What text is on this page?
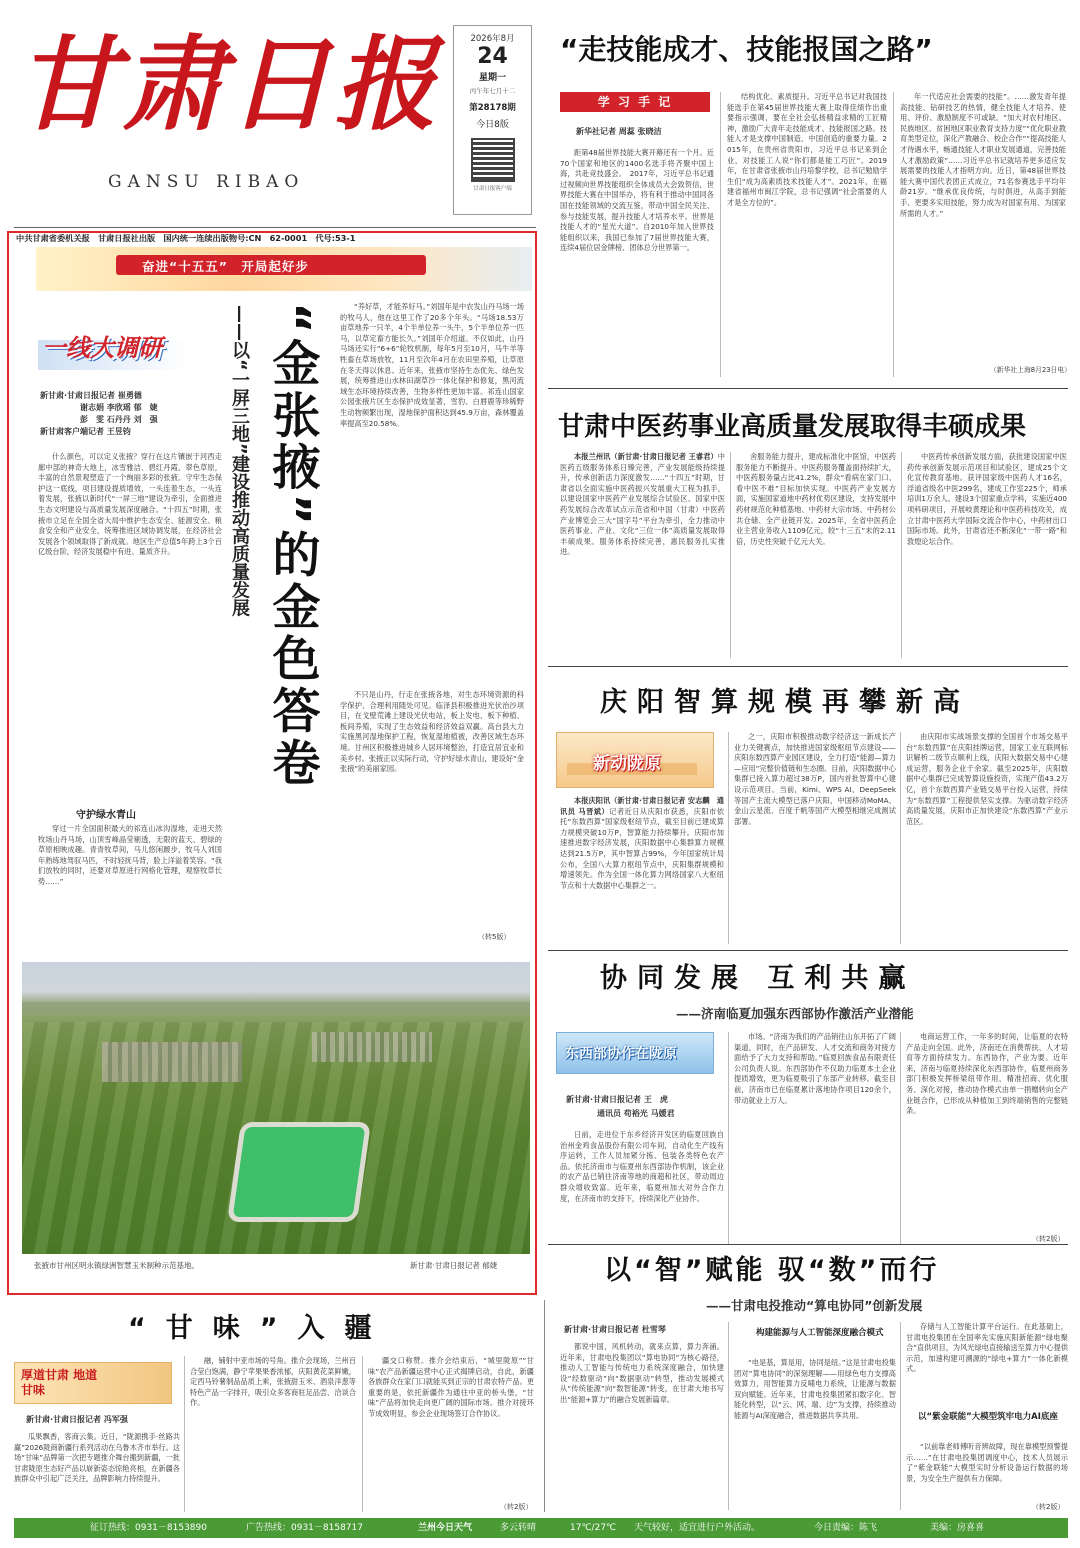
甘肃日报
GANSU RIBAO
2026年8月
24
星期一
丙午年七月十二
第28178期
今日8版
甘肃日报客户端
中共甘肃省委机关报　甘肃日报社出版　国内统一连续出版物号:CN　62-0001　代号:53-1
“走技能成才、技能报国之路”
学 习 手 记
新华社记者 周蕊 张晓洁

距第48届世界技能大赛开幕还有一个月。近70个国家和地区的1400名选手将齐聚中国上海，共赴竞技盛会。　2017年，习近平总书记通过视频向世界技能组织全体成员大会致贺信，世界技能大赛在中国举办，将有利于推动中国同各国在技能领域的交流互鉴，带动中国全民关注、参与技能发展，提升技能人才培养水平。世界是技能人才的“星光大道”。自2010年加入世界技能组织以来，我国已参加了7届世界技能大赛，连续4届位居金牌榜、团体总分世界第一。

结构优化、素质提升。习近平总书记对我国技能选手在第45届世界技能大赛上取得佳绩作出重要指示强调，要在全社会弘扬精益求精的工匠精神，激励广大青年走技能成才、技能报国之路。技能人才是支撑中国制造、中国创造的重要力量。2015年，在贵州省贵阳市，习近平总书记来到企业，对技能工人说“你们都是能工巧匠”。2019年，在甘肃省张掖市山丹培黎学校，总书记勉励学生们“成为高素质技术技能人才”。2021年，在福建省福州市闽江学院，总书记强调“社会需要的人才是全方位的”。

年一代适应社会需要的技能”。……激发青年提高技能、钻研技艺的热情，健全技能人才培养、使用、评价、激励制度不可或缺。“加大对农村地区、民族地区、贫困地区职业教育支持力度”“优化职业教育类型定位，深化产教融合、校企合作”“提高技能人才待遇水平，畅通技能人才职业发展通道，完善技能人才激励政策”……习近平总书记就培养更多适应发展需要的技能人才指明方向。近日，第48届世界技能大赛中国代表团正式成立，71名参赛选手平均年龄21岁。“继承优良传统，与时俱进，从高手到能手、更要多实用技能，努力成为对国家有用、为国家所需的人才。”

（新华社上海8月23日电）
甘肃中医药事业高质量发展取得丰硕成果

本报兰州讯（新甘肃·甘肃日报记者 王睿君）中医药五级服务体系日臻完善，产业发展能级持续提升，传承创新活力深度激发……“十四五”时期，甘肃省以全面实施中医药振兴发展重大工程为抓手，以建设国家中医药产业发展综合试验区、国家中医药发展综合改革试点示范省和中国（甘肃）中医药产业博览会三大“国字号”平台为牵引，全力推动中医药事业、产业、文化“三位一体”高质量发展取得丰硕成果。服务体系持续完善，惠民服务扎实推进。

舍服务能力提升，建成标准化中医馆，中医药服务能力不断提升。中医药服务覆盖面持续扩大，中医药服务量占比41.2%，群众“看病在家门口、看中医不难”目标加快实现。中医药产业发展方面，实施国家道地中药材优势区建设，支持发展中药材规范化种植基地、中药材大宗市场、中药材公共仓储、全产业链开发。2025年，全省中医药企业主营业务收入1109亿元，较“十三五”末的2.11倍，历史性突破千亿元大关。

中医药传承创新发展方面，获批建设国家中医药传承创新发展示范项目和试验区，建成25个文化宣传教育基地。获评国家级中医药人才16名，浮道省级名中医299名，建成工作室225个，师承培训1万余人。建设3个国家重点学科，实施近400项科研项目，开展岐黄理论和中医药科技攻关，成立甘肃中医药大学国际交流合作中心，中药材出口国际市场。此外，甘肃省还不断深化“一带一路”和敦煌论坛合作。

庆阳智算规模再攀新高
新动陇原

本报庆阳讯（新甘肃·甘肃日报记者 安志麟　通讯员 马晋斌）记者近日从庆阳市获悉，庆阳市依托“东数西算”国家级枢纽节点，截至目前已建成算力规模突破10万P，智算能力持续攀升。庆阳市加速推进数字经济发展，庆阳数据中心集群算力规模达到21.5万P，其中智算占99%，今年国家统计局公布，全国八大算力枢纽节点中，庆阳集群规模和增速领先。作为全国一体化算力网络国家八大枢纽节点和十大数据中心集群之一。

之一，庆阳市积极推动数字经济这一新成长产业力关键赛点，加快推进国家级枢纽节点建设——庆阳东数西算产业园区建设，全力打造“能源—算力—应用”完整价值链和生态圈。目前，庆阳数据中心集群已接入算力超过38万P，国内首批智算中心建设示范项目。当前，Kimi、WPS AI、DeepSeek等国产主流大模型已落户庆阳，中国移动MoMA、金山云星流、百度千帆等国产大模型相继完成测试部署。

由庆阳市实战场景支撑的全国首个市场交易平台“东数西算”在庆阳挂牌运营，国家工业互联网标识解析二级节点顺利上线，庆阳大数据交易中心建成运营，服务企业千余家。截至2025年，庆阳数据中心集群已完成智算设施投资，实现产值43.2万亿，首个东数西算产业链交易平台投入运营，持续为“东数西算”工程提供坚实支撑。为驱动数字经济高质量发展，庆阳市正加快建设“东数西算”产业示范区。

协同发展 互利共赢
——济南临夏加强东西部协作激活产业潜能
东西部协作在陇原
新甘肃·甘肃日报记者 王　虎
通讯员 苟裕光 马媛君

日前，走进位于东乡经济开发区的临夏回族自治州金鸡食品股份有限公司车间，自动化生产线有序运转，工作人员加紧分拣、包装各类特色农产品。依托济南市与临夏州东西部协作机制，该企业的农产品已销往济南等地的商超和社区，带动周边群众增收致富。近年来，临夏州加大对外合作力度，在济南市的支持下，持续深化产业协作。

市场。“济南为我们的产品销往山东开拓了广阔渠道，同时，在产品研发、人才交流和商务对接方面给予了大力支持和帮助。”临夏回族食品有限责任公司负责人说。东西部协作不仅助力临夏本土企业提质增效，更为临夏吸引了东部产业转移。截至目前，济南市已在临夏累计落地协作项目120余个，带动就业上万人。

电商运营工作，一年多的时间，让临夏的农特产品走向全国。此外，济南还在消费帮扶、人才培育等方面持续发力。东西协作，产业为要。近年来，济南与临夏持续深化东西部协作，临夏州商务部门积极发挥桥梁纽带作用，精准招商、优化服务、深化对接，推动协作模式由单一捐赠转向全产业链合作，已形成从种植加工到终端销售的完整链条。

（转2版）
以“智”赋能 驭“数”而行
——甘肃电投推动“算电协同”创新发展
新甘肃·甘肃日报记者 杜雪琴

都说中国，风机转动，就来点算，算力奔涌。近年来，甘肃电投集团以“算电协同”为核心路径，推动人工智能与传统电力系统深度融合，加快建设“经数驱动”向“数据驱动”转型，推动发展模式从“传统能源”向“数智能源”转变，在甘肃大地书写出“能源+算力”的融合发展新篇章。

构建能源与人工智能深度融合模式

“电是基，算是用，协同是纽。”这是甘肃电投集团对“算电协同”的深刻理解——用绿色电力支撑高效算力，用智能算力反哺电力系统，让能源与数据双向赋能。近年来，甘肃电投集团紧扣数字化、智能化转型，以“云、网、端、边”为支撑，持续推动能源与AI深度融合，推进数据共享共用。

存储与人工智能计算平台运行。在此基础上，甘肃电投集团在全国率先实施庆阳新能源“绿电聚合”直供项目，为风光绿电直接输送至算力中心提供示范，加速构建可溯源的“绿电+算力”一体化新模式。

以“紫金联能”大模型筑牢电力AI底座

“以前靠老师傅听音辨故障，现在靠模型预警提示……”在甘肃电投集团调度中心，技术人员展示了“紫金联能”大模型实时分析设备运行数据的场景，为安全生产提供有力保障。

（转2版）
奋进“十五五”　开局起好步
一线大调研
新甘肃·甘肃日报记者 崔勇德
谢志娟 李欣瑶 郁　婕
彭　雯 石丹丹 刘　强
新甘肃客户端记者 王昱钧

什么颜色，可以定义张掖？穿行在这片镶嵌于河西走廊中部的神奇大地上，冰雪雅洁、碧红丹霞、翠色草原，丰富的自然景观塑造了一个绚丽多彩的张掖。守牢生态保护这一底线，项目建设提质增效，一头连着生态，一头连着发展，张掖以新时代“一屏三地”建设为牵引，全面推进生态文明建设与高质量发展深度融合。“十四五”时期，张掖市立足在全国全省大局中维护生态安全、能源安全、粮食安全和产业安全，统筹推进区域协调发展，在经济社会发展各个领域取得了新成就。地区生产总值5年跨上3个百亿级台阶，经济发展稳中有进、量质齐升。

守护绿水青山

穿过一片全国面积最大的祁连山冰沟湿地，走进天然牧场山丹马场，山顶雪峰晶莹剔透，无限的蓝天、碧绿的草原相映成趣。青青牧草间，马儿悠闲踱步，牧马人刘国年熟练地驾驭马匹，不时轻抚马背，脸上洋溢着笑容。“我们放牧的同时，还要对草原进行网格化管理，观察牧草长势……”

“金张掖”的金色答卷
——以“一屏三地”建设推动高质量发展	“养好草，才能养好马。”刘国年是中农发山丹马场一场的牧马人，他在这里工作了20多个年头。“马场18.53万亩草地养一只羊，4个半单位养一头牛，5个半单位养一匹马，以草定畜方能长久。”刘国年介绍道。不仅如此，山丹马场还实行“6+6”轮牧机制，每年5月至10月，马牛羊等牲畜在草场放牧，11月至次年4月在农田里养殖，让草原在冬天得以休息。近年来，张掖市坚持生态优先、绿色发展，统筹推进山水林田湖草沙一体化保护和修复，黑河流域生态环境持续改善，生物多样性更加丰富。祁连山国家公园张掖片区生态保护成效显著，雪豹、白唇鹿等珍稀野生动物频繁出现，湿地保护面积达到45.9万亩，森林覆盖率提高至20.58%。

不只是山丹，行走在张掖各地，对生态环境资源的科学保护、合理利用随处可见。临泽县积极推进光伏治沙项目，在戈壁荒滩上建设光伏电站，板上发电、板下种植、板间养殖，实现了生态效益和经济效益双赢。高台县大力实施黑河湿地保护工程，恢复湿地植被，改善区域生态环境。甘州区积极推进城乡人居环境整治，打造宜居宜业和美乡村。张掖正以实际行动，守护好绿水青山，建设好“金张掖”的美丽家园。

（转5版）
张掖市甘州区明永镇绿洲智慧玉米制种示范基地。	新甘肃·甘肃日报记者 郁婕
“甘味”入疆
厚道甘肃 地道甘味
新甘肃·甘肃日报记者 冯军强

瓜果飘香，客商云集。近日，“陇源携手·丝路共赢”2026陇商新疆行系列活动在乌鲁木齐市举行。这场“甘味”品牌第一次把专题推介舞台搬到新疆，一批甘肃陇原生态好产品以崭新姿态惊艳亮相，在新疆各族群众中引起广泛关注，品牌影响力持续提升。

融，铺射中亚市场的号角。推介会现场，兰州百合莹白饱满，静宁苹果果香浓郁，庆阳黄花菜鲜嫩，定西马铃薯制品品质上乘，张掖甜玉米、酒泉洋葱等特色产品一字排开，吸引众多客商驻足品尝、洽谈合作。

疆交口称赞。推介会结束后，“城里陇原”“甘味”农产品新疆运营中心正式揭牌启动，自此，新疆各族群众在家门口就能买到正宗的甘肃农特产品。更重要的是，依托新疆作为通往中亚的桥头堡，“甘味”产品将加快走向更广阔的国际市场。推介对接环节成效明显，参会企业现场签订合作协议。

（转2版）
征订热线：0931－8153890	广告热线：0931－8158717	兰州今日天气	多云转晴	17℃/27℃ 天气较好，适宜进行户外活动。	今日责编：陈飞	美编：房喜喜
